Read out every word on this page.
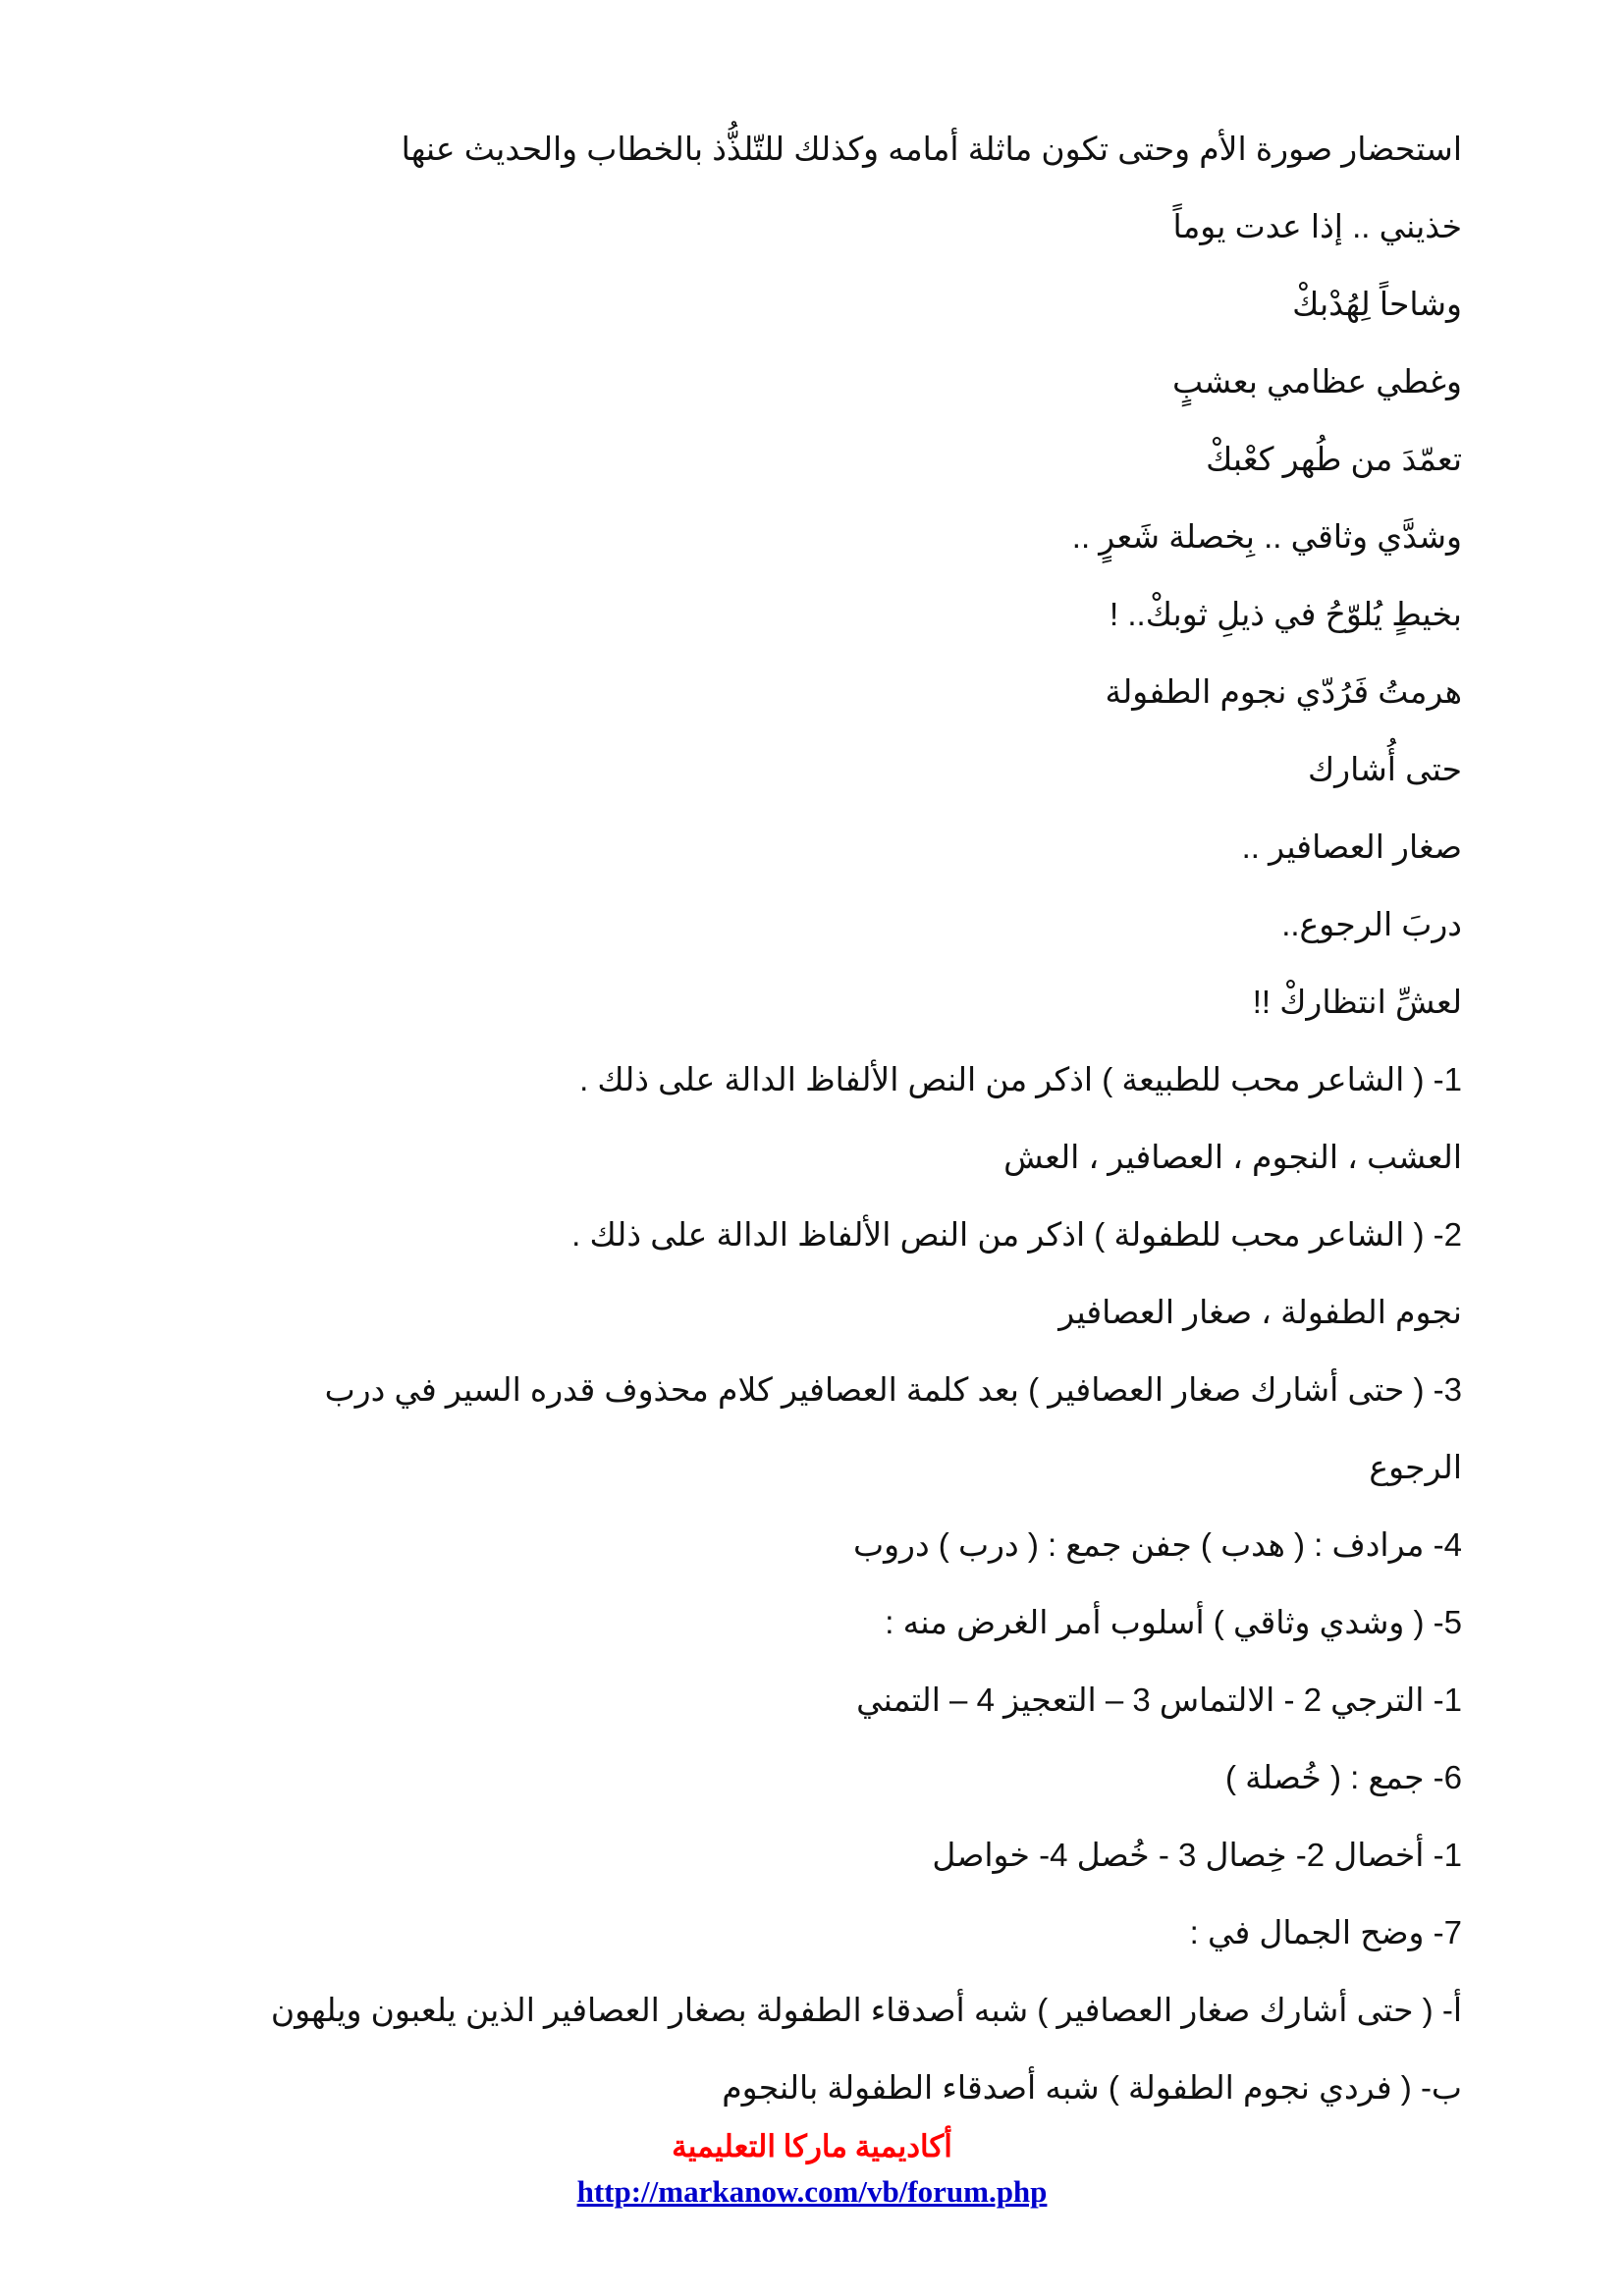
استحضار صورة الأم وحتى تكون ماثلة أمامه وكذلك للتّلذُّذ بالخطاب والحديث عنها
خذيني .. إذا عدت يوماً
وشاحاً لِهُدْبكْ
وغطي عظامي بعشبٍ
تعمّدَ من طُهر كعْبكْ
وشدَّي وثاقي .. بِخصلة شَعرٍ ..
بخيطٍ يُلوّحُ في ذيلِ ثوبكْ.. !
هرمتُ فَرُدّي نجوم الطفولة
حتى أُشارك
صغار العصافير ..
دربَ الرجوع..
لعشِّ انتظاركْ !!
1- ( الشاعر محب للطبيعة ) اذكر من النص الألفاظ الدالة على ذلك .
العشب ، النجوم ، العصافير ، العش
2- ( الشاعر محب للطفولة ) اذكر من النص الألفاظ الدالة على ذلك .
نجوم الطفولة ، صغار العصافير
3- ( حتى أشارك صغار العصافير ) بعد كلمة العصافير كلام محذوف قدره السير في درب
الرجوع
4- مرادف : ( هدب ) جفن جمع : ( درب ) دروب
5- ( وشدي وثاقي ) أسلوب أمر الغرض منه :
1- الترجي 2 - الالتماس 3 – التعجيز 4 – التمني
6- جمع : ( خُصلة )
1- أخصال 2- خِصال 3 - خُصل 4- خواصل
7- وضح الجمال في :
أ- ( حتى أشارك صغار العصافير ) شبه أصدقاء الطفولة بصغار العصافير الذين يلعبون ويلهون
ب- ( فردي نجوم الطفولة ) شبه أصدقاء الطفولة بالنجوم
أكاديمية ماركا التعليمية
http://markanow.com/vb/forum.php
